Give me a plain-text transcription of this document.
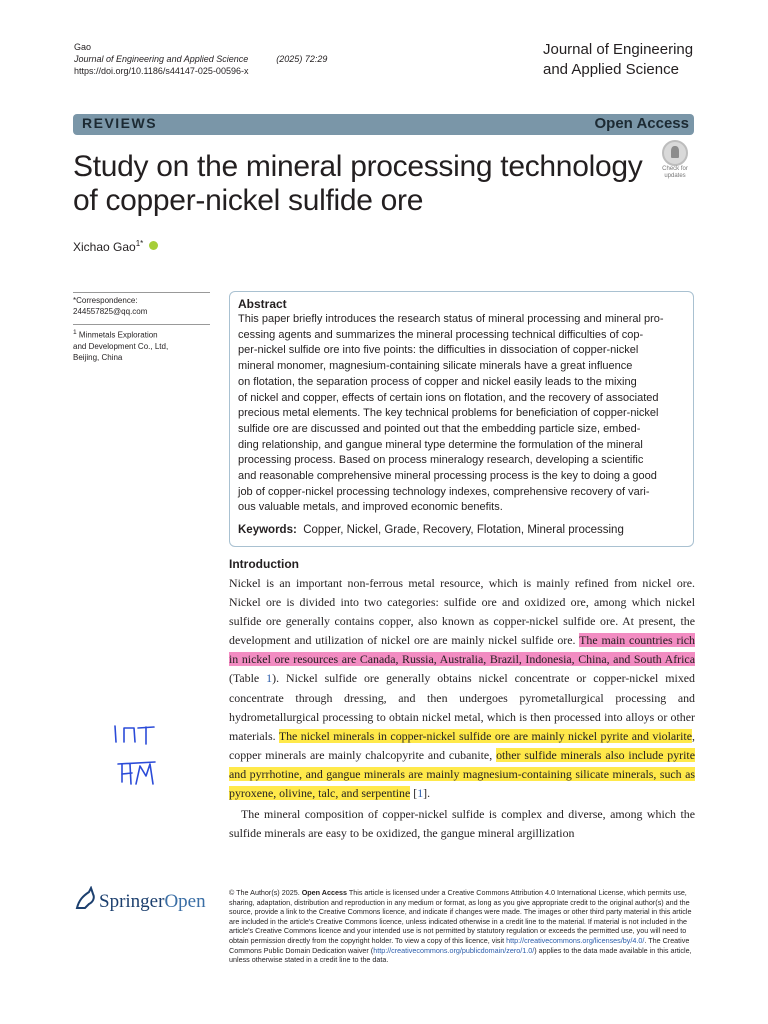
Gao
Journal of Engineering and Applied Science	(2025) 72:29
https://doi.org/10.1186/s44147-025-00596-x
Journal of Engineering
and Applied Science
REVIEWS	Open Access
Study on the mineral processing technology
of copper-nickel sulfide ore
Check for
updates
Xichao Gao$^{1*}$
*Correspondence:
244557825@qq.com
$^1$ Minmetals Exploration
and Development Co., Ltd,
Beijing, China
Abstract

This paper briefly introduces the research status of mineral processing and mineral pro-
cessing agents and summarizes the mineral processing technical difficulties of cop-
per-nickel sulfide ore into five points: the difficulties in dissociation of copper-nickel
mineral monomer, magnesium-containing silicate minerals have a great influence
on flotation, the separation process of copper and nickel easily leads to the mixing
of nickel and copper, effects of certain ions on flotation, and the recovery of associated
precious metal elements. The key technical problems for beneficiation of copper-nickel
sulfide ore are discussed and pointed out that the embedding particle size, embed-
ding relationship, and gangue mineral type determine the formulation of the mineral
processing process. Based on process mineralogy research, developing a scientific
and reasonable comprehensive mineral processing process is the key to doing a good
job of copper-nickel processing technology indexes, comprehensive recovery of vari-
ous valuable metals, and improved economic benefits.

Keywords: Copper, Nickel, Grade, Recovery, Flotation, Mineral processing

Introduction

Nickel is an important non-ferrous metal resource, which is mainly refined from nickel ore. Nickel ore is divided into two categories: sulfide ore and oxidized ore, among which nickel sulfide ore generally contains copper, also known as copper-nickel sulfide ore. At present, the development and utilization of nickel ore are mainly nickel sulfide ore. The main countries rich in nickel ore resources are Canada, Russia, Australia, Brazil, Indonesia, China, and South Africa (Table 1). Nickel sulfide ore generally obtains nickel concentrate or copper-nickel mixed concentrate through dressing, and then undergoes pyrometallurgical processing and hydrometallurgical processing to obtain nickel metal, which is then processed into alloys or other materials. The nickel minerals in copper-nickel sulfide ore are mainly nickel pyrite and violarite, copper minerals are mainly chalcopyrite and cubanite, other sulfide minerals also include pyrite and pyrrhotine, and gangue minerals are mainly magnesium-containing silicate minerals, such as pyroxene, olivine, talc, and serpentine [1].

The mineral composition of copper-nickel sulfide is complex and diverse, among which the sulfide minerals are easy to be oxidized, the gangue mineral argillization

SpringerOpen	© The Author(s) 2025. Open Access This article is licensed under a Creative Commons Attribution 4.0 International License, which permits use, sharing, adaptation, distribution and reproduction in any medium or format, as long as you give appropriate credit to the original author(s) and the source, provide a link to the Creative Commons licence, and indicate if changes were made. The images or other third party material in this article are included in the article's Creative Commons licence, unless indicated otherwise in a credit line to the material. If material is not included in the article's Creative Commons licence and your intended use is not permitted by statutory regulation or exceeds the permitted use, you will need to obtain permission directly from the copyright holder. To view a copy of this licence, visit http://creativecommons.org/licenses/by/4.0/. The Creative Commons Public Domain Dedication waiver (http://creativecommons.org/publicdomain/zero/1.0/) applies to the data made available in this article, unless otherwise stated in a credit line to the data.
